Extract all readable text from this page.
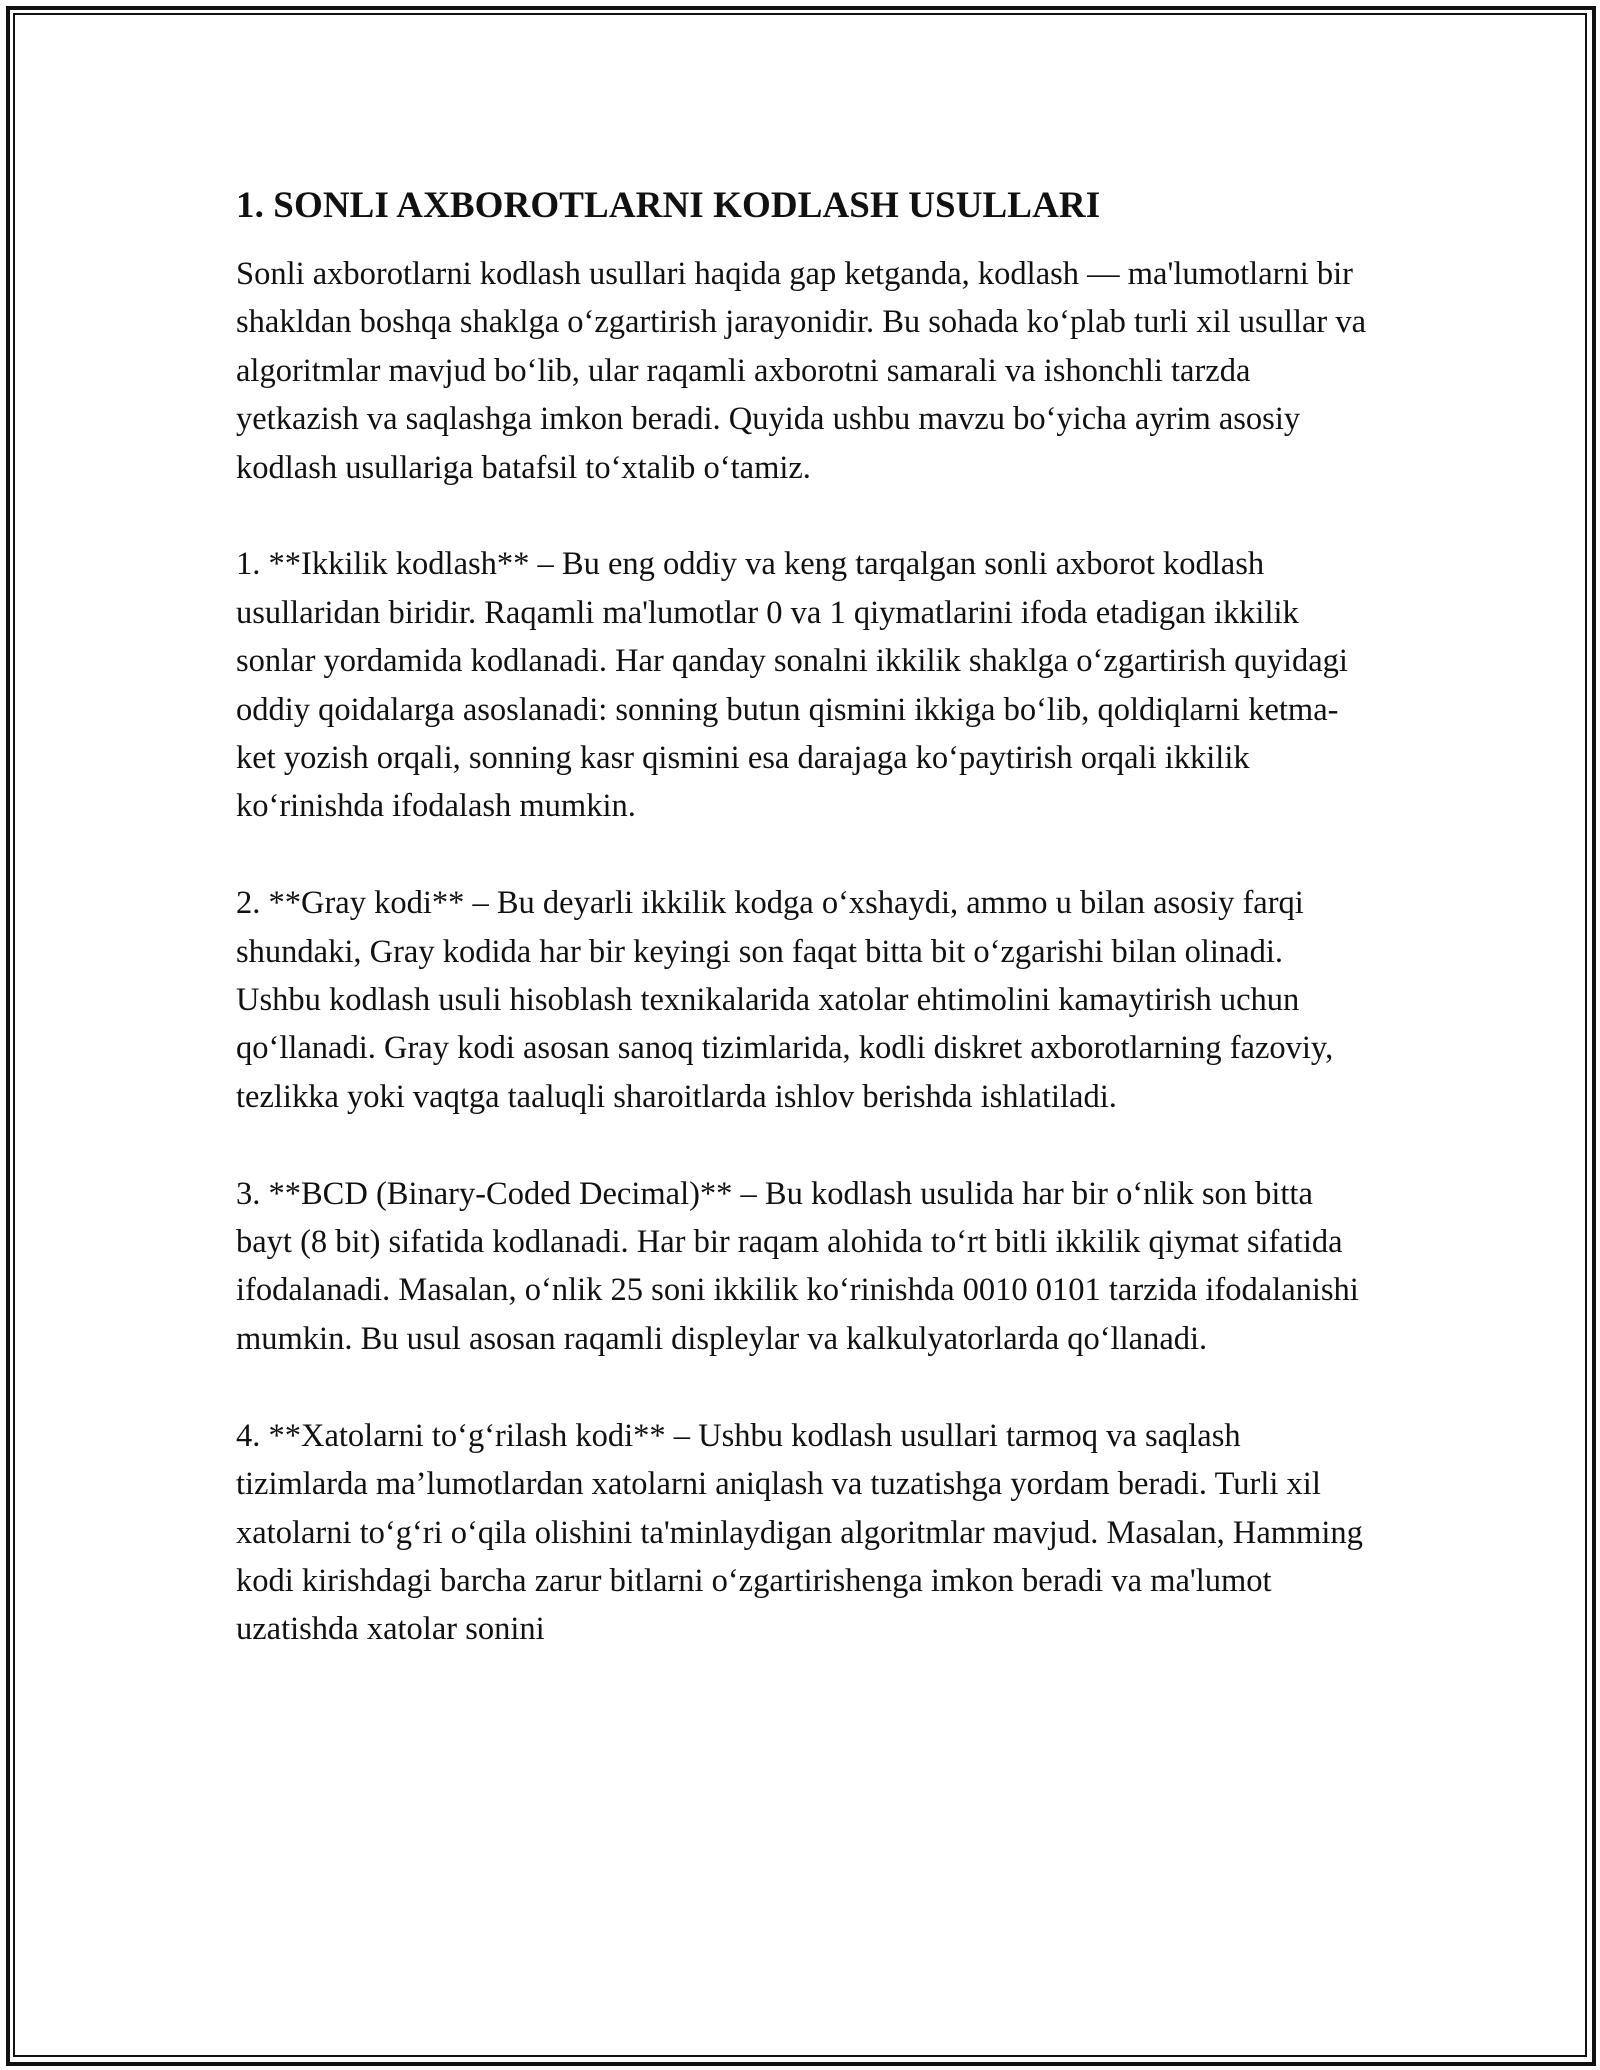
1. SONLI AXBOROTLARNI KODLASH USULLARI

Sonli axborotlarni kodlash usullari haqida gap ketganda, kodlash — ma'lumotlarni bir shakldan boshqa shaklga o‘zgartirish jarayonidir. Bu sohada ko‘plab turli xil usullar va algoritmlar mavjud bo‘lib, ular raqamli axborotni samarali va ishonchli tarzda yetkazish va saqlashga imkon beradi. Quyida ushbu mavzu bo‘yicha ayrim asosiy kodlash usullariga batafsil to‘xtalib o‘tamiz.

1. **Ikkilik kodlash** – Bu eng oddiy va keng tarqalgan sonli axborot kodlash usullaridan biridir. Raqamli ma'lumotlar 0 va 1 qiymatlarini ifoda etadigan ikkilik sonlar yordamida kodlanadi. Har qanday sonalni ikkilik shaklga o‘zgartirish quyidagi oddiy qoidalarga asoslanadi: sonning butun qismini ikkiga bo‘lib, qoldiqlarni ketma-ket yozish orqali, sonning kasr qismini esa darajaga ko‘paytirish orqali ikkilik ko‘rinishda ifodalash mumkin.

2. **Gray kodi** – Bu deyarli ikkilik kodga o‘xshaydi, ammo u bilan asosiy farqi shundaki, Gray kodida har bir keyingi son faqat bitta bit o‘zgarishi bilan olinadi. Ushbu kodlash usuli hisoblash texnikalarida xatolar ehtimolini kamaytirish uchun qo‘llanadi. Gray kodi asosan sanoq tizimlarida, kodli diskret axborotlarning fazoviy, tezlikka yoki vaqtga taaluqli sharoitlarda ishlov berishda ishlatiladi.

3. **BCD (Binary-Coded Decimal)** – Bu kodlash usulida har bir o‘nlik son bitta bayt (8 bit) sifatida kodlanadi. Har bir raqam alohida to‘rt bitli ikkilik qiymat sifatida ifodalanadi. Masalan, o‘nlik 25 soni ikkilik ko‘rinishda 0010 0101 tarzida ifodalanishi mumkin. Bu usul asosan raqamli displeylar va kalkulyatorlarda qo‘llanadi.

4. **Xatolarni to‘g‘rilash kodi** – Ushbu kodlash usullari tarmoq va saqlash tizimlarda ma’lumotlardan xatolarni aniqlash va tuzatishga yordam beradi. Turli xil xatolarni to‘g‘ri o‘qila olishini ta'minlaydigan algoritmlar mavjud. Masalan, Hamming kodi kirishdagi barcha zarur bitlarni o‘zgartirishenga imkon beradi va ma'lumot uzatishda xatolar sonini
